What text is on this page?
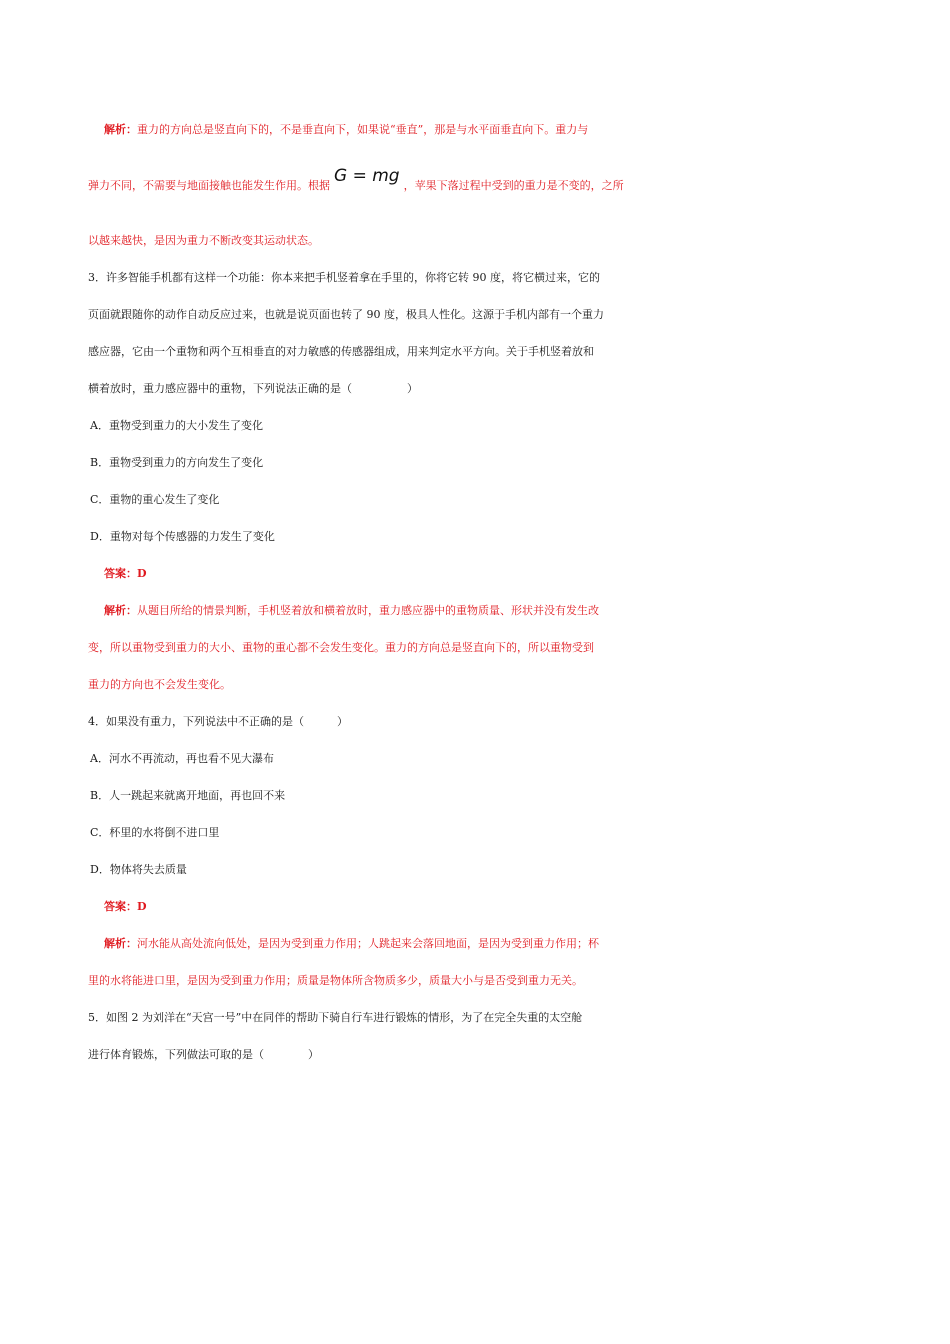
解析：重力的方向总是竖直向下的，不是垂直向下，如果说“垂直”，那是与水平面垂直向下。重力与
弹力不同，不需要与地面接触也能发生作用。根据 G = mg ，苹果下落过程中受到的重力是不变的，之所
以越来越快，是因为重力不断改变其运动状态。
3．许多智能手机都有这样一个功能：你本来把手机竖着拿在手里的，你将它转 90 度，将它横过来，它的
页面就跟随你的动作自动反应过来，也就是说页面也转了 90 度，极具人性化。这源于手机内部有一个重力
感应器，它由一个重物和两个互相垂直的对力敏感的传感器组成，用来判定水平方向。关于手机竖着放和
横着放时，重力感应器中的重物，下列说法正确的是（　　　　　）
A．重物受到重力的大小发生了变化
B．重物受到重力的方向发生了变化
C．重物的重心发生了变化
D．重物对每个传感器的力发生了变化
答案：D
解析：从题目所给的情景判断，手机竖着放和横着放时，重力感应器中的重物质量、形状并没有发生改
变，所以重物受到重力的大小、重物的重心都不会发生变化。重力的方向总是竖直向下的，所以重物受到
重力的方向也不会发生变化。
4．如果没有重力，下列说法中不正确的是（　　　）
A．河水不再流动，再也看不见大瀑布
B．人一跳起来就离开地面，再也回不来
C．杯里的水将倒不进口里
D．物体将失去质量
答案：D
解析：河水能从高处流向低处，是因为受到重力作用；人跳起来会落回地面，是因为受到重力作用；杯
里的水将能进口里，是因为受到重力作用；质量是物体所含物质多少，质量大小与是否受到重力无关。
5．如图 2 为刘洋在“天宫一号”中在同伴的帮助下骑自行车进行锻炼的情形，为了在完全失重的太空舱
进行体育锻炼，下列做法可取的是（　　　　）
